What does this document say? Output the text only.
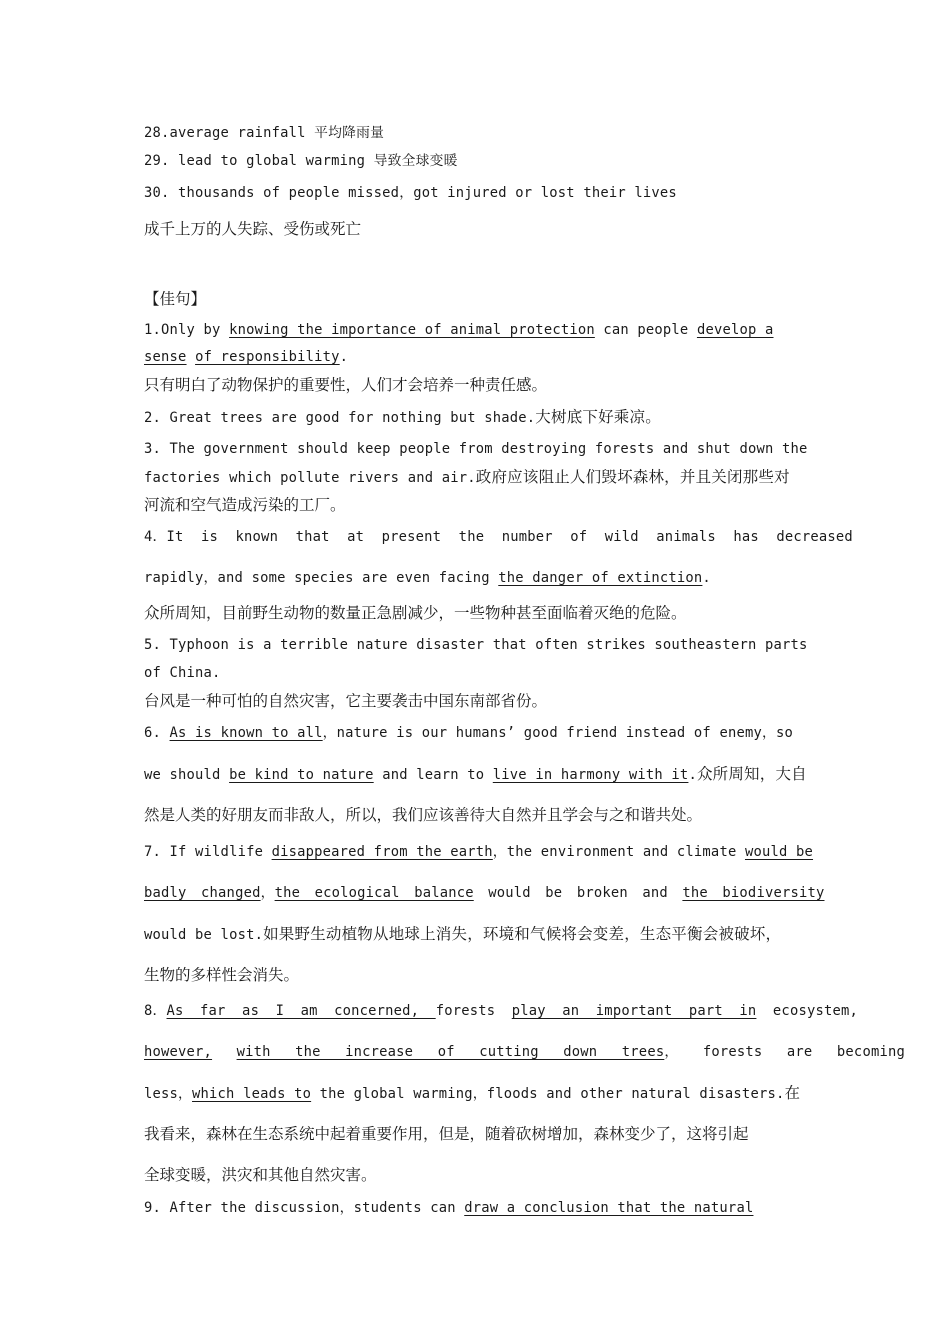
28.average rainfall 平均降雨量
29. lead to global warming 导致全球变暖
30. thousands of people missed，got injured or lost their lives
成千上万的人失踪、受伤或死亡
【佳句】
1.Only by knowing the importance of animal protection can people develop a
sense of responsibility.
只有明白了动物保护的重要性，人们才会培养一种责任感。
2. Great trees are good for nothing but shade.大树底下好乘凉。
3. The government should keep people from destroying forests and shut down the
factories which pollute rivers and air.政府应该阻止人们毁坏森林，并且关闭那些对
河流和空气造成污染的工厂。
4．It is known that at present the number of wild animals has decreased
rapidly，and some species are even facing the danger of extinction.
众所周知，目前野生动物的数量正急剧减少，一些物种甚至面临着灭绝的危险。
5. Typhoon is a terrible nature disaster that often strikes southeastern parts
of China.
台风是一种可怕的自然灾害，它主要袭击中国东南部省份。
6. As is known to all，nature is our humans’ good friend instead of enemy，so
we should be kind to nature and learn to live in harmony with it.众所周知，大自
然是人类的好朋友而非敌人，所以，我们应该善待大自然并且学会与之和谐共处。
7. If wildlife disappeared from the earth，the environment and climate would be
badly changed，the ecological balance would be broken and the biodiversity
would be lost.如果野生动植物从地球上消失，环境和气候将会变差，生态平衡会被破坏，
生物的多样性会消失。
8．As far as I am concerned, forests play an important part in ecosystem,
however, with the increase of cutting down trees， forests are becoming
less，which leads to the global warming，floods and other natural disasters.在
我看来，森林在生态系统中起着重要作用，但是，随着砍树增加，森林变少了，这将引起
全球变暖，洪灾和其他自然灾害。
9. After the discussion，students can draw a conclusion that the natural
